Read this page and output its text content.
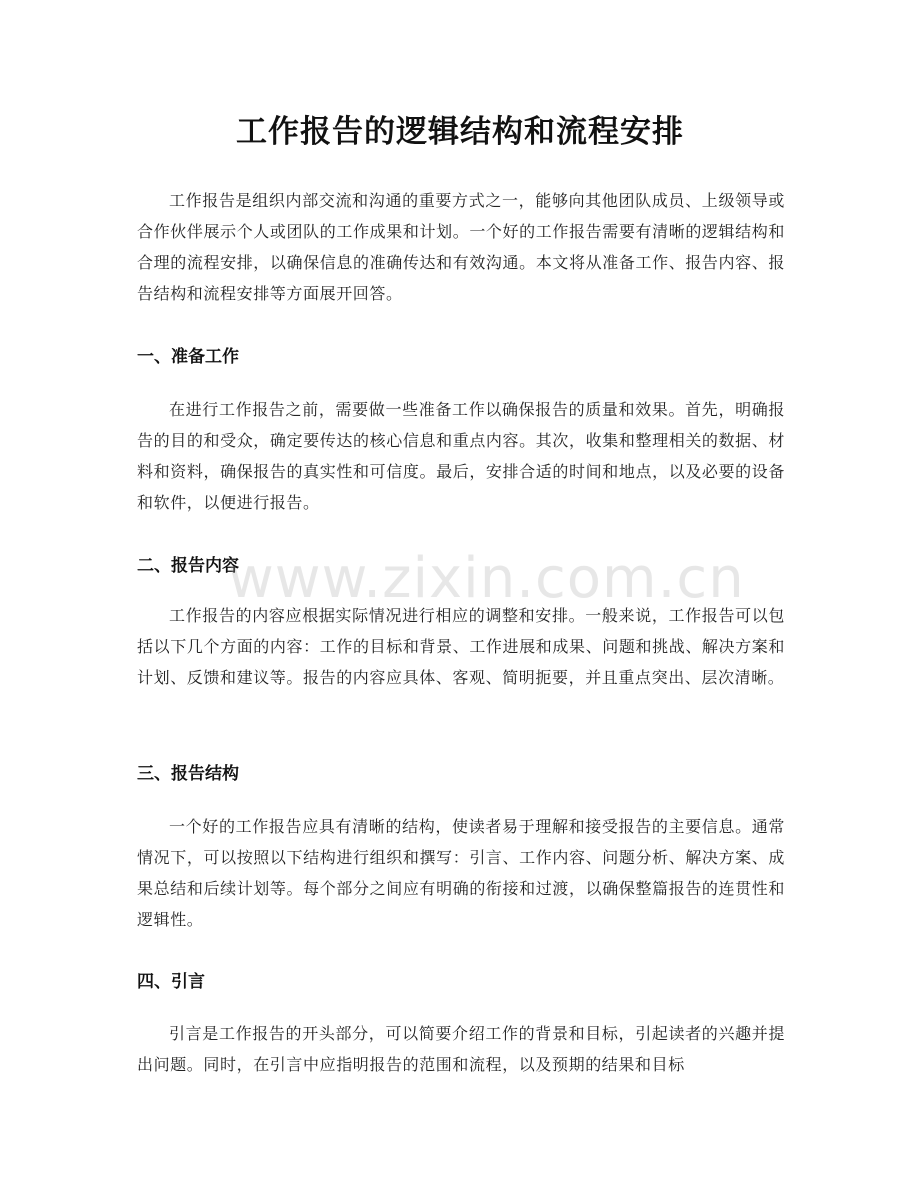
工作报告的逻辑结构和流程安排

工作报告是组织内部交流和沟通的重要方式之一，能够向其他团队成员、上级领导或合作伙伴展示个人或团队的工作成果和计划。一个好的工作报告需要有清晰的逻辑结构和合理的流程安排，以确保信息的准确传达和有效沟通。本文将从准备工作、报告内容、报告结构和流程安排等方面展开回答。

一、准备工作

在进行工作报告之前，需要做一些准备工作以确保报告的质量和效果。首先，明确报告的目的和受众，确定要传达的核心信息和重点内容。其次，收集和整理相关的数据、材料和资料，确保报告的真实性和可信度。最后，安排合适的时间和地点，以及必要的设备和软件，以便进行报告。

二、报告内容

工作报告的内容应根据实际情况进行相应的调整和安排。一般来说，工作报告可以包括以下几个方面的内容：工作的目标和背景、工作进展和成果、问题和挑战、解决方案和计划、反馈和建议等。报告的内容应具体、客观、简明扼要，并且重点突出、层次清晰。

三、报告结构

一个好的工作报告应具有清晰的结构，使读者易于理解和接受报告的主要信息。通常情况下，可以按照以下结构进行组织和撰写：引言、工作内容、问题分析、解决方案、成果总结和后续计划等。每个部分之间应有明确的衔接和过渡，以确保整篇报告的连贯性和逻辑性。

四、引言

引言是工作报告的开头部分，可以简要介绍工作的背景和目标，引起读者的兴趣并提出问题。同时，在引言中应指明报告的范围和流程，以及预期的结果和目标

www.zixin.com.cn
